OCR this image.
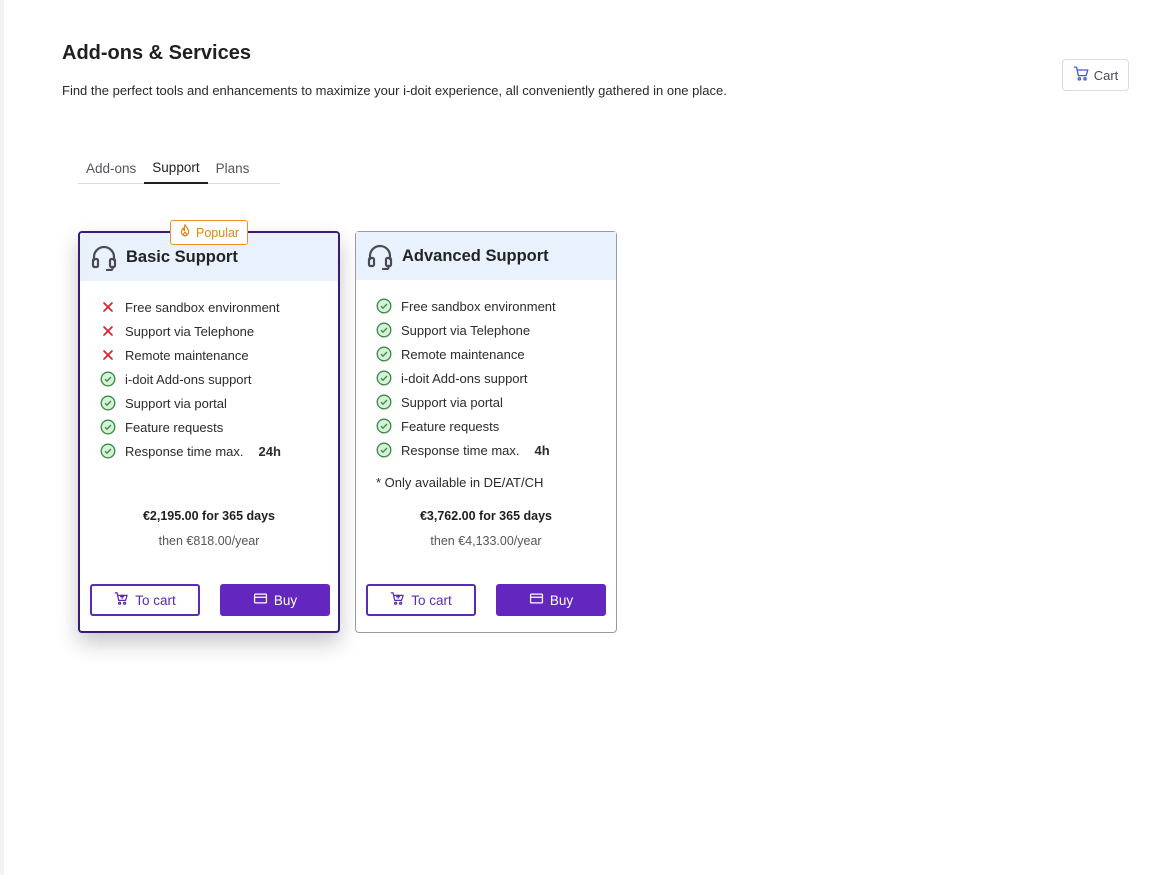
Add-ons & Services

Find the perfect tools and enhancements to maximize your i-doit experience, all conveniently gathered in one place.

Cart
Add-ons	Support	Plans
Popular
Basic Support
Free sandbox environment
Support via Telephone
Remote maintenance
i-doit Add-ons support
Support via portal
Feature requests
Response time max. 24h
€2,195.00 for 365 days
then €818.00/year
To cart	Buy
Advanced Support
Free sandbox environment
Support via Telephone
Remote maintenance
i-doit Add-ons support
Support via portal
Feature requests
Response time max. 4h
* Only available in DE/AT/CH
€3,762.00 for 365 days
then €4,133.00/year
To cart	Buy
